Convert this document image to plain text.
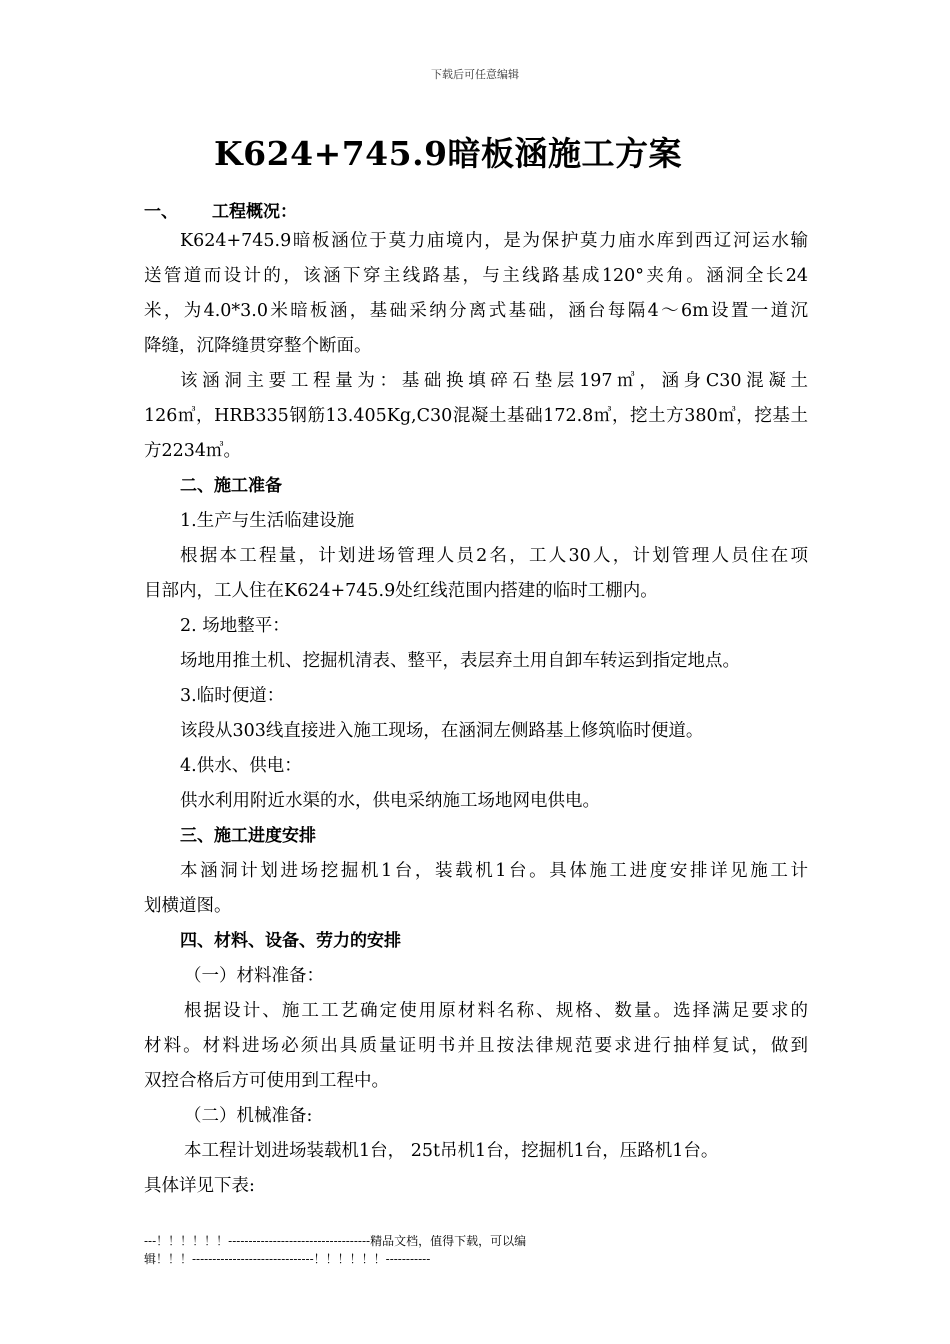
下载后可任意编辑
K624+745.9暗板涵施工方案
一、 工程概况：
K624+745.9暗板涵位于莫力庙境内，是为保护莫力庙水库到西辽河运水输
送管道而设计的，该涵下穿主线路基，与主线路基成120°夹角。涵洞全长24
米，为4.0*3.0米暗板涵，基础采纳分离式基础，涵台每隔4～6m设置一道沉
降缝，沉降缝贯穿整个断面。
该涵洞主要工程量为：基础换填碎石垫层197㎥，涵身C30混凝土
126㎥，HRB335钢筋13.405Kg,C30混凝土基础172.8㎥，挖土方380㎥，挖基土
方2234㎥。
二、施工准备
1.生产与生活临建设施
根据本工程量，计划进场管理人员2名，工人30人，计划管理人员住在项
目部内，工人住在K624+745.9处红线范围内搭建的临时工棚内。
2. 场地整平：
场地用推土机、挖掘机清表、整平，表层弃土用自卸车转运到指定地点。
3.临时便道：
该段从303线直接进入施工现场，在涵洞左侧路基上修筑临时便道。
4.供水、供电：
供水利用附近水渠的水，供电采纳施工场地网电供电。
三、施工进度安排
本涵洞计划进场挖掘机1台，装载机1台。具体施工进度安排详见施工计
划横道图。
四、材料、设备、劳力的安排
（一）材料准备：
根据设计、施工工艺确定使用原材料名称、规格、数量。选择满足要求的
材料。材料进场必须出具质量证明书并且按法律规范要求进行抽样复试，做到
双控合格后方可使用到工程中。
（二）机械准备:
本工程计划进场装载机1台， 25t吊机1台，挖掘机1台，压路机1台。
具体详见下表:
---！！！！！！-----------------------------------精品文档，值得下载，可以编
辑！！！------------------------------！！！！！！-----------
